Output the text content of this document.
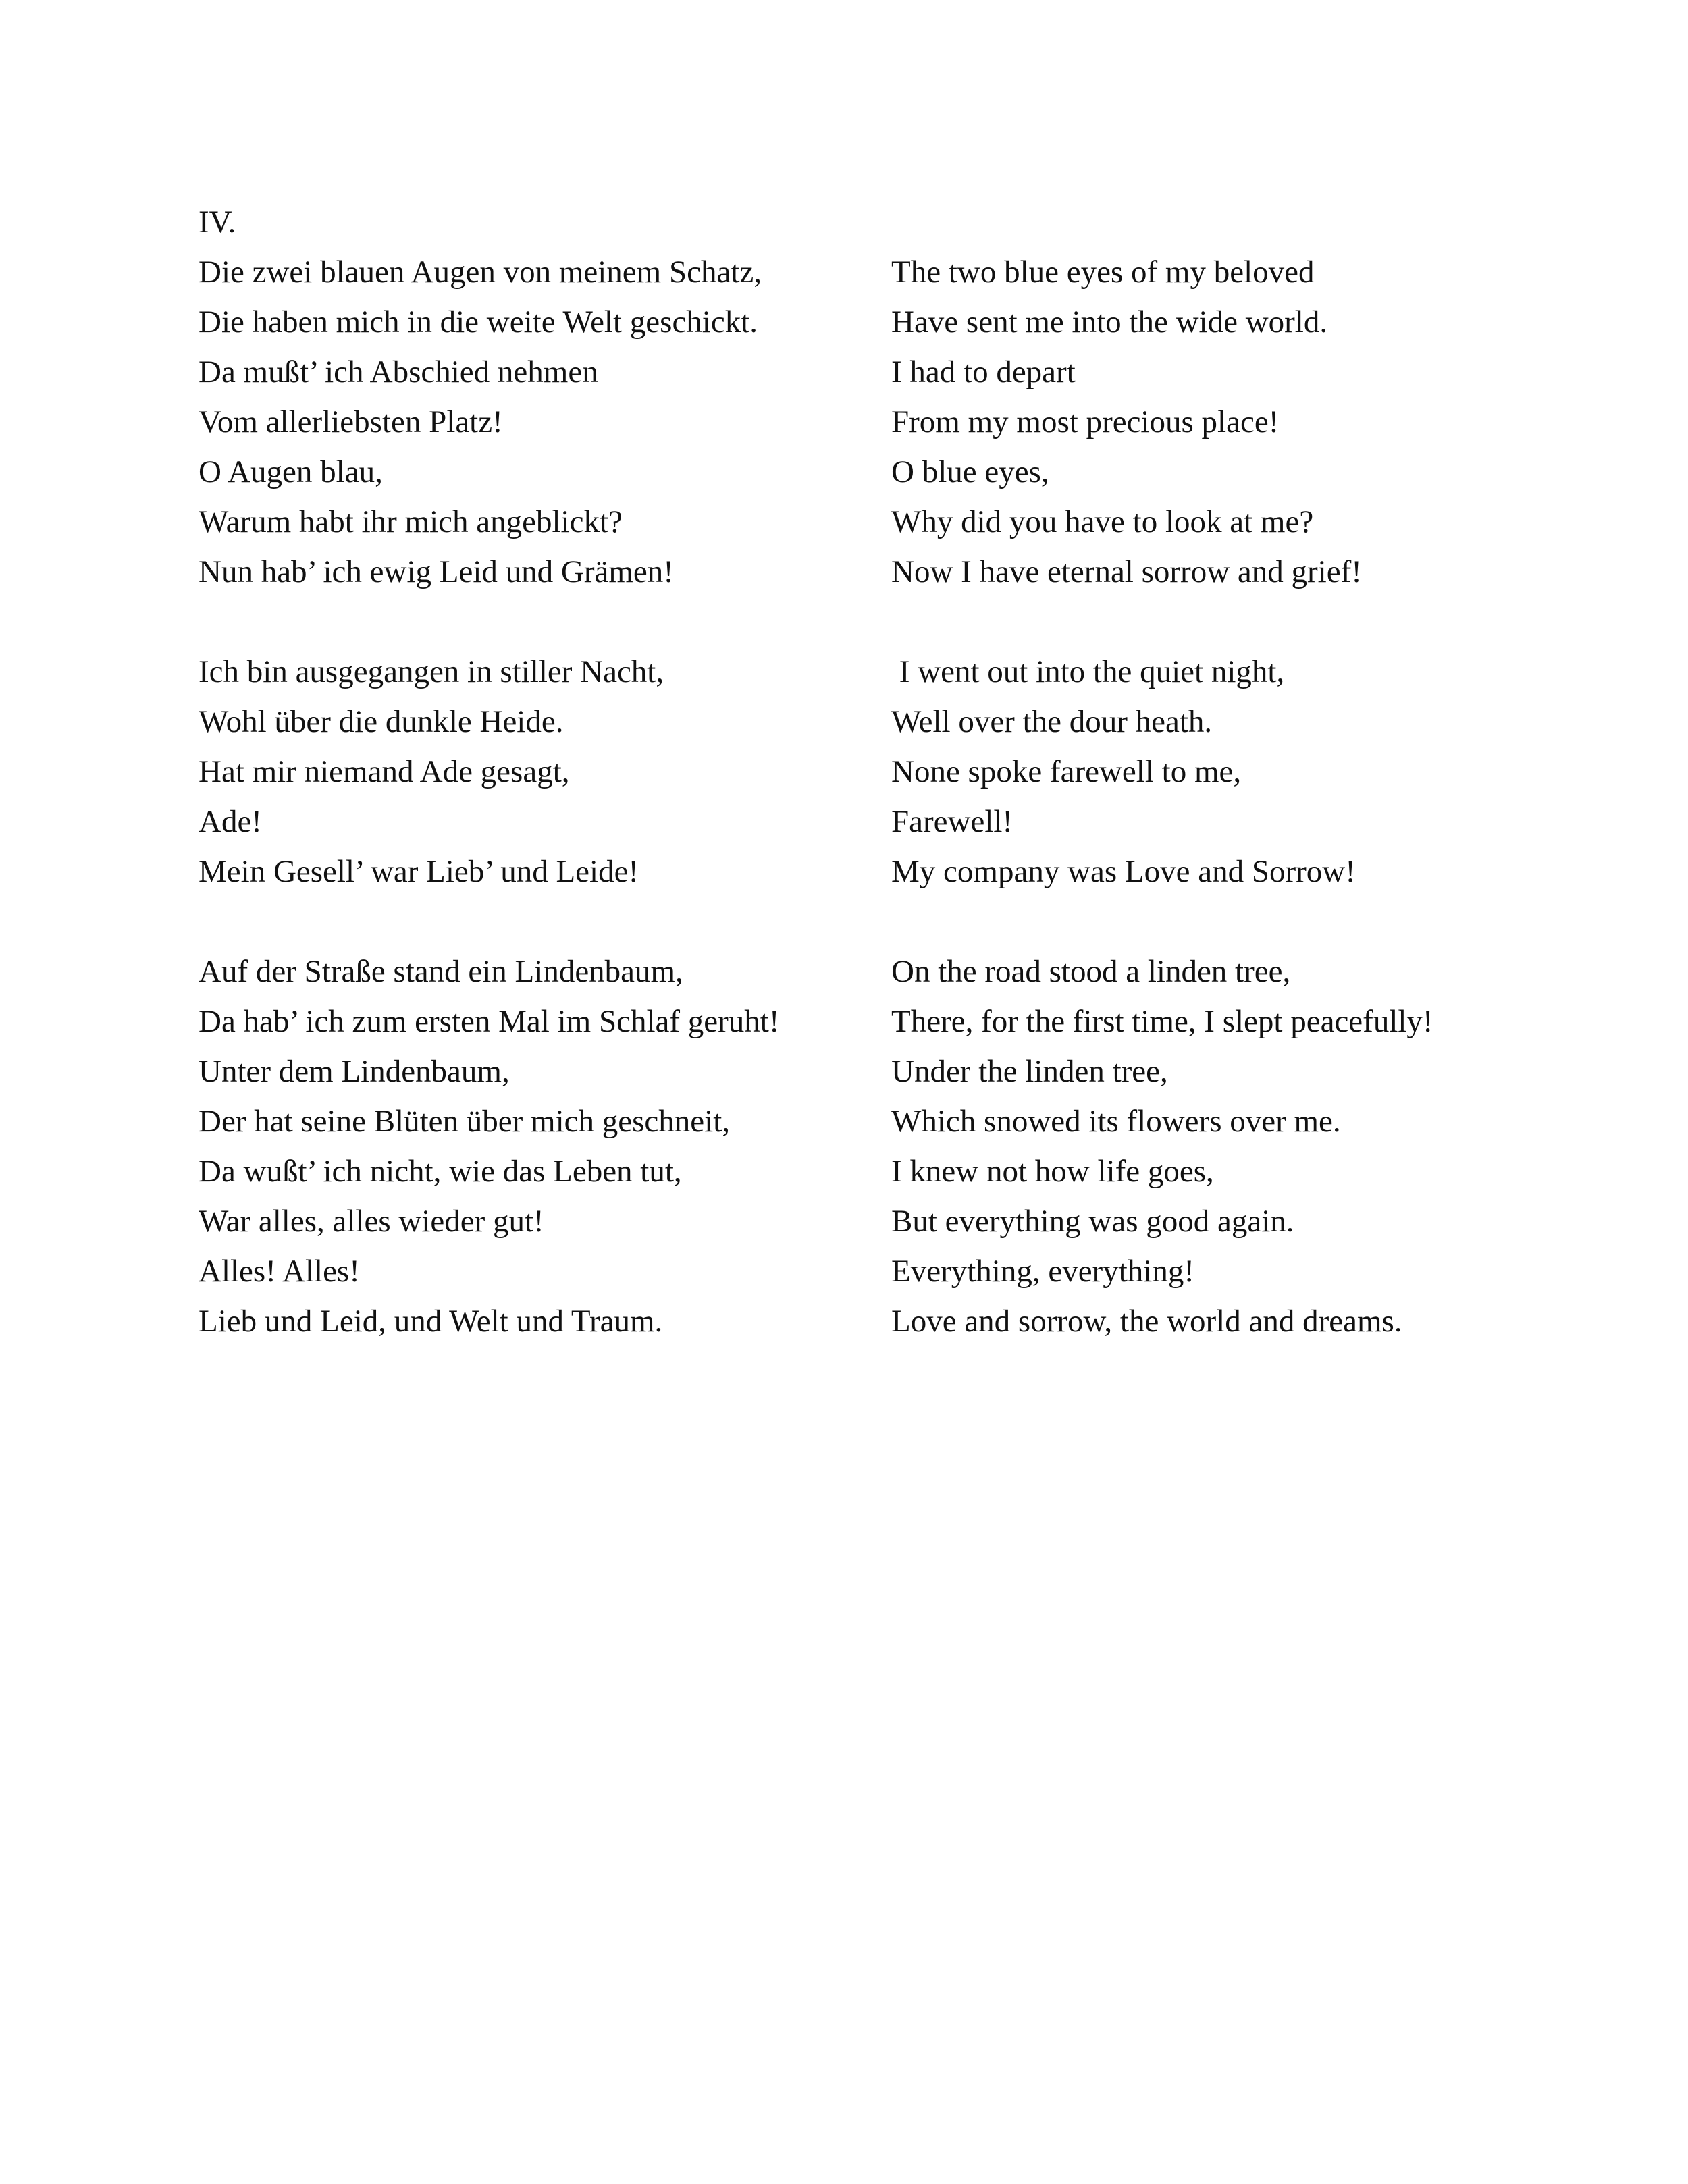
IV.
Die zwei blauen Augen von meinem Schatz,
Die haben mich in die weite Welt geschickt.
Da mußt’ ich Abschied nehmen
Vom allerliebsten Platz!
O Augen blau,
Warum habt ihr mich angeblickt?
Nun hab’ ich ewig Leid und Grämen!
Ich bin ausgegangen in stiller Nacht,
Wohl über die dunkle Heide.
Hat mir niemand Ade gesagt,
Ade!
Mein Gesell’ war Lieb’ und Leide!
Auf der Straße stand ein Lindenbaum,
Da hab’ ich zum ersten Mal im Schlaf geruht!
Unter dem Lindenbaum,
Der hat seine Blüten über mich geschneit,
Da wußt’ ich nicht, wie das Leben tut,
War alles, alles wieder gut!
Alles! Alles!
Lieb und Leid, und Welt und Traum.
The two blue eyes of my beloved
Have sent me into the wide world.
I had to depart
From my most precious place!
O blue eyes,
Why did you have to look at me?
Now I have eternal sorrow and grief!
I went out into the quiet night,
Well over the dour heath.
None spoke farewell to me,
Farewell!
My company was Love and Sorrow!
On the road stood a linden tree,
There, for the first time, I slept peacefully!
Under the linden tree,
Which snowed its flowers over me.
I knew not how life goes,
But everything was good again.
Everything, everything!
Love and sorrow, the world and dreams.
